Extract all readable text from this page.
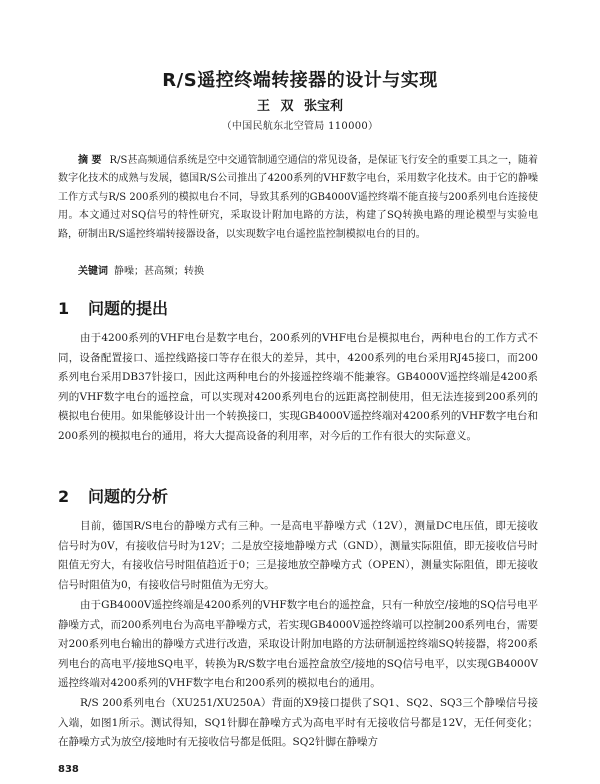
R/S遥控终端转接器的设计与实现
王 双 张宝利
（中国民航东北空管局 110000）
摘 要 R/S甚高频通信系统是空中交通管制通空通信的常见设备，是保证飞行安全的重要工具之一，随着数字化技术的成熟与发展，德国R/S公司推出了4200系列的VHF数字电台，采用数字化技术。由于它的静噪工作方式与R/S 200系列的模拟电台不同，导致其系列的GB4000V遥控终端不能直接与200系列电台连接使用。本文通过对SQ信号的特性研究，采取设计附加电路的方法，构建了SQ转换电路的理论模型与实验电路，研制出R/S遥控终端转接器设备，以实现数字电台遥控监控制模拟电台的目的。
关键词 静噪；甚高频；转换
1 问题的提出

由于4200系列的VHF电台是数字电台，200系列的VHF电台是模拟电台，两种电台的工作方式不同，设备配置接口、遥控线路接口等存在很大的差异，其中，4200系列的电台采用RJ45接口，而200系列电台采用DB37针接口，因此这两种电台的外接遥控终端不能兼容。GB4000V遥控终端是4200系列的VHF数字电台的遥控盒，可以实现对4200系列电台的远距离控制使用，但无法连接到200系列的模拟电台使用。如果能够设计出一个转换接口，实现GB4000V遥控终端对4200系列的VHF数字电台和200系列的模拟电台的通用，将大大提高设备的利用率，对今后的工作有很大的实际意义。

2 问题的分析

目前，德国R/S电台的静噪方式有三种。一是高电平静噪方式（12V），测量DC电压值，即无接收信号时为0V，有接收信号时为12V；二是放空接地静噪方式（GND），测量实际阻值，即无接收信号时阻值无穷大，有接收信号时阻值趋近于0；三是接地放空静噪方式（OPEN），测量实际阻值，即无接收信号时阻值为0，有接收信号时阻值为无穷大。

由于GB4000V遥控终端是4200系列的VHF数字电台的遥控盒，只有一种放空/接地的SQ信号电平静噪方式，而200系列电台为高电平静噪方式，若实现GB4000V遥控终端可以控制200系列电台，需要对200系列电台输出的静噪方式进行改造，采取设计附加电路的方法研制遥控终端SQ转接器，将200系列电台的高电平/接地SQ电平，转换为R/S数字电台遥控盒放空/接地的SQ信号电平，以实现GB4000V遥控终端对4200系列的VHF数字电台和200系列的模拟电台的通用。

R/S 200系列电台（XU251/XU250A）背面的X9接口提供了SQ1、SQ2、SQ3三个静噪信号接入端，如图1所示。测试得知，SQ1针脚在静噪方式为高电平时有无接收信号都是12V，无任何变化；在静噪方式为放空/接地时有无接收信号都是低阻。SQ2针脚在静噪方

838
